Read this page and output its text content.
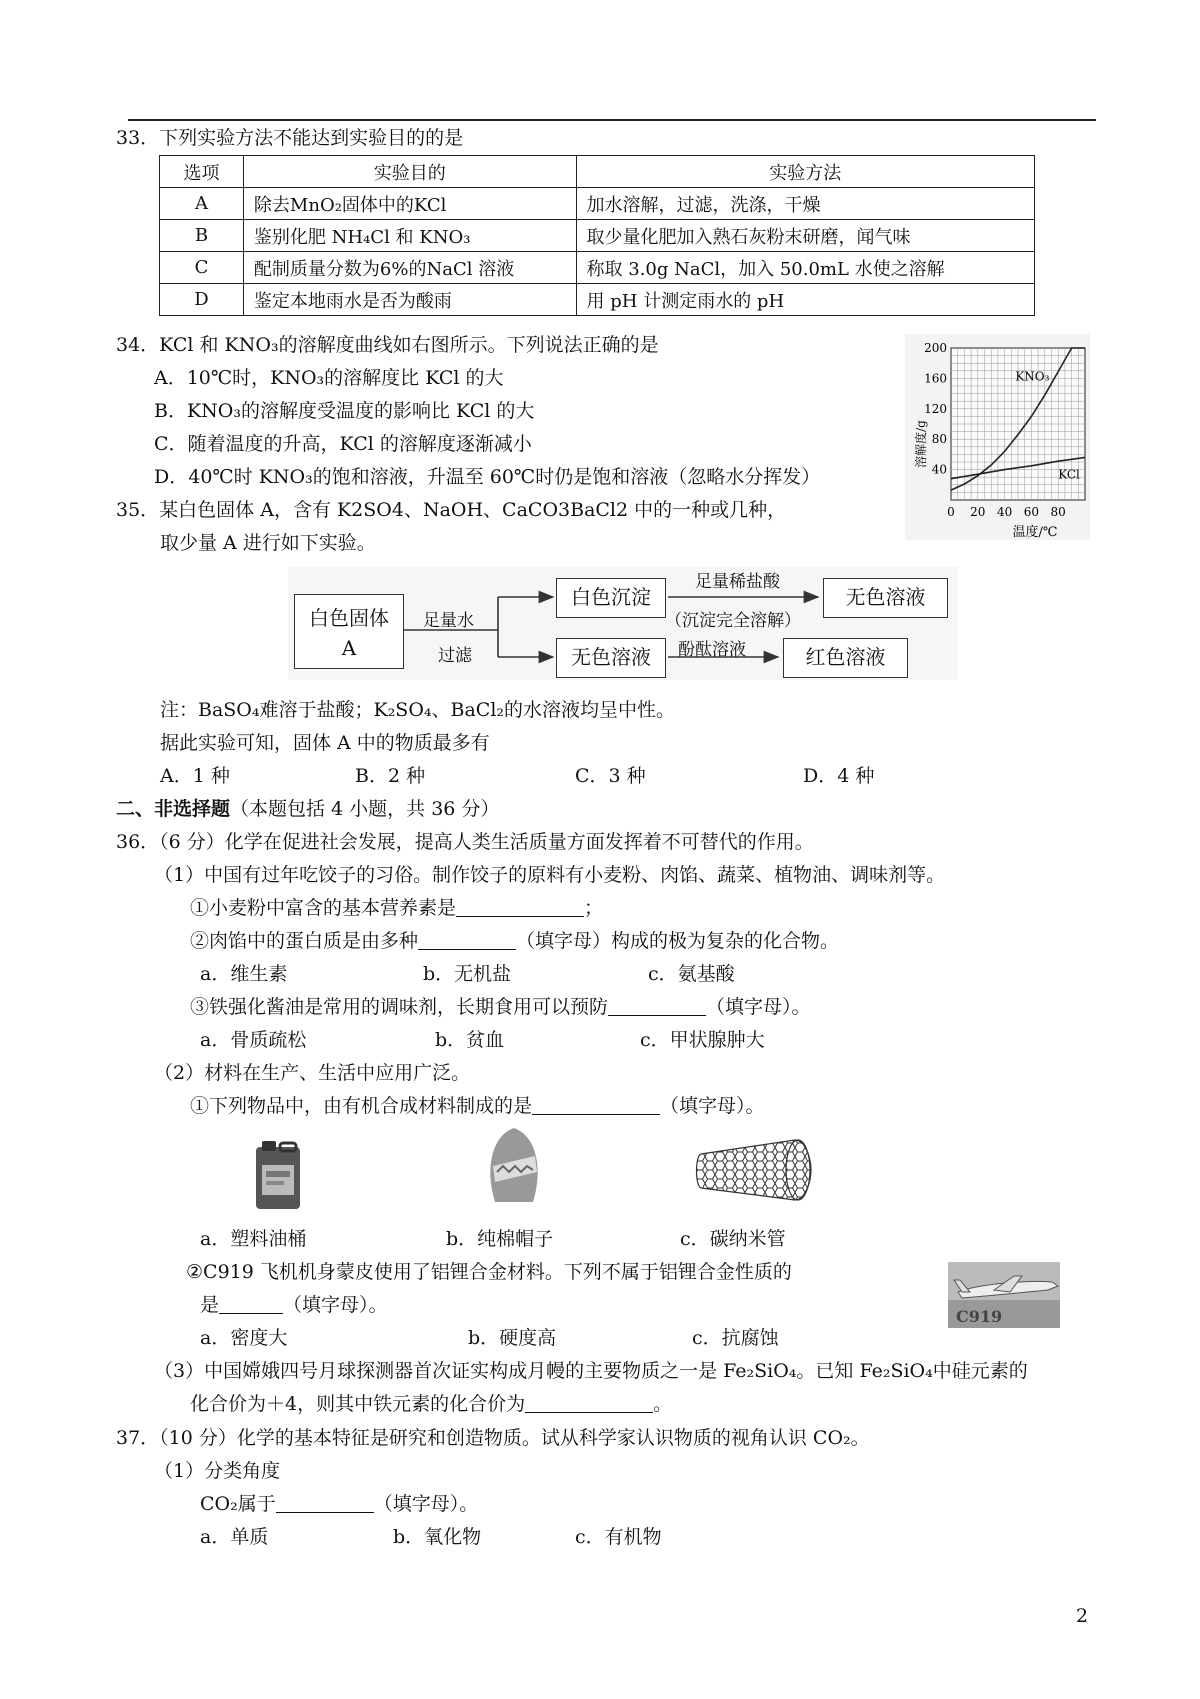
33．下列实验方法不能达到实验目的的是
选项	实验目的	实验方法
A	除去MnO₂固体中的KCl	加水溶解，过滤，洗涤，干燥
B	鉴别化肥 NH₄Cl 和 KNO₃	取少量化肥加入熟石灰粉末研磨，闻气味
C	配制质量分数为6%的NaCl 溶液	称取 3.0g NaCl，加入 50.0mL 水使之溶解
D	鉴定本地雨水是否为酸雨	用 pH 计测定雨水的 pH
34．KCl 和 KNO₃的溶解度曲线如右图所示。下列说法正确的是
A．10℃时，KNO₃的溶解度比 KCl 的大
B．KNO₃的溶解度受温度的影响比 KCl 的大
C．随着温度的升高，KCl 的溶解度逐渐减小
D．40℃时 KNO₃的饱和溶液，升温至 60℃时仍是饱和溶液（忽略水分挥发）
KNO₃
KCl
40
80
120
160
200
0 20 40 60 80
溶解度/g
温度/℃
35．某白色固体 A，含有 K2SO4、NaOH、CaCO3BaCl2 中的一种或几种，
取少量 A 进行如下实验。
白色固体
A
足量水
过滤
白色沉淀
足量稀盐酸
（沉淀完全溶解）
无色溶液
无色溶液	酚酞溶液	红色溶液
注：BaSO₄难溶于盐酸；K₂SO₄、BaCl₂的水溶液均呈中性。
据此实验可知，固体 A 中的物质最多有
A．1 种	B．2 种	C．3 种	D．4 种
二、非选择题（本题包括 4 小题，共 36 分）
36．（6 分）化学在促进社会发展，提高人类生活质量方面发挥着不可替代的作用。
（1）中国有过年吃饺子的习俗。制作饺子的原料有小麦粉、肉馅、蔬菜、植物油、调味剂等。
①小麦粉中富含的基本营养素是	；
②肉馅中的蛋白质是由多种	（填字母）构成的极为复杂的化合物。
a．维生素	b．无机盐	c．氨基酸
③铁强化酱油是常用的调味剂，长期食用可以预防	（填字母）。
a．骨质疏松	b．贫血	c．甲状腺肿大
（2）材料在生产、生活中应用广泛。
①下列物品中，由有机合成材料制成的是	（填字母）。
a．塑料油桶	b．纯棉帽子	c．碳纳米管
②C919 飞机机身蒙皮使用了铝锂合金材料。下列不属于铝锂合金性质的
是	（填字母）。
a．密度大	b．硬度高	c．抗腐蚀
C919
（3）中国嫦娥四号月球探测器首次证实构成月幔的主要物质之一是 Fe₂SiO₄。已知 Fe₂SiO₄中硅元素的
化合价为＋4，则其中铁元素的化合价为	。
37．（10 分）化学的基本特征是研究和创造物质。试从科学家认识物质的视角认识 CO₂。
（1）分类角度
CO₂属于	（填字母）。
a．单质	b．氧化物	c．有机物
2
